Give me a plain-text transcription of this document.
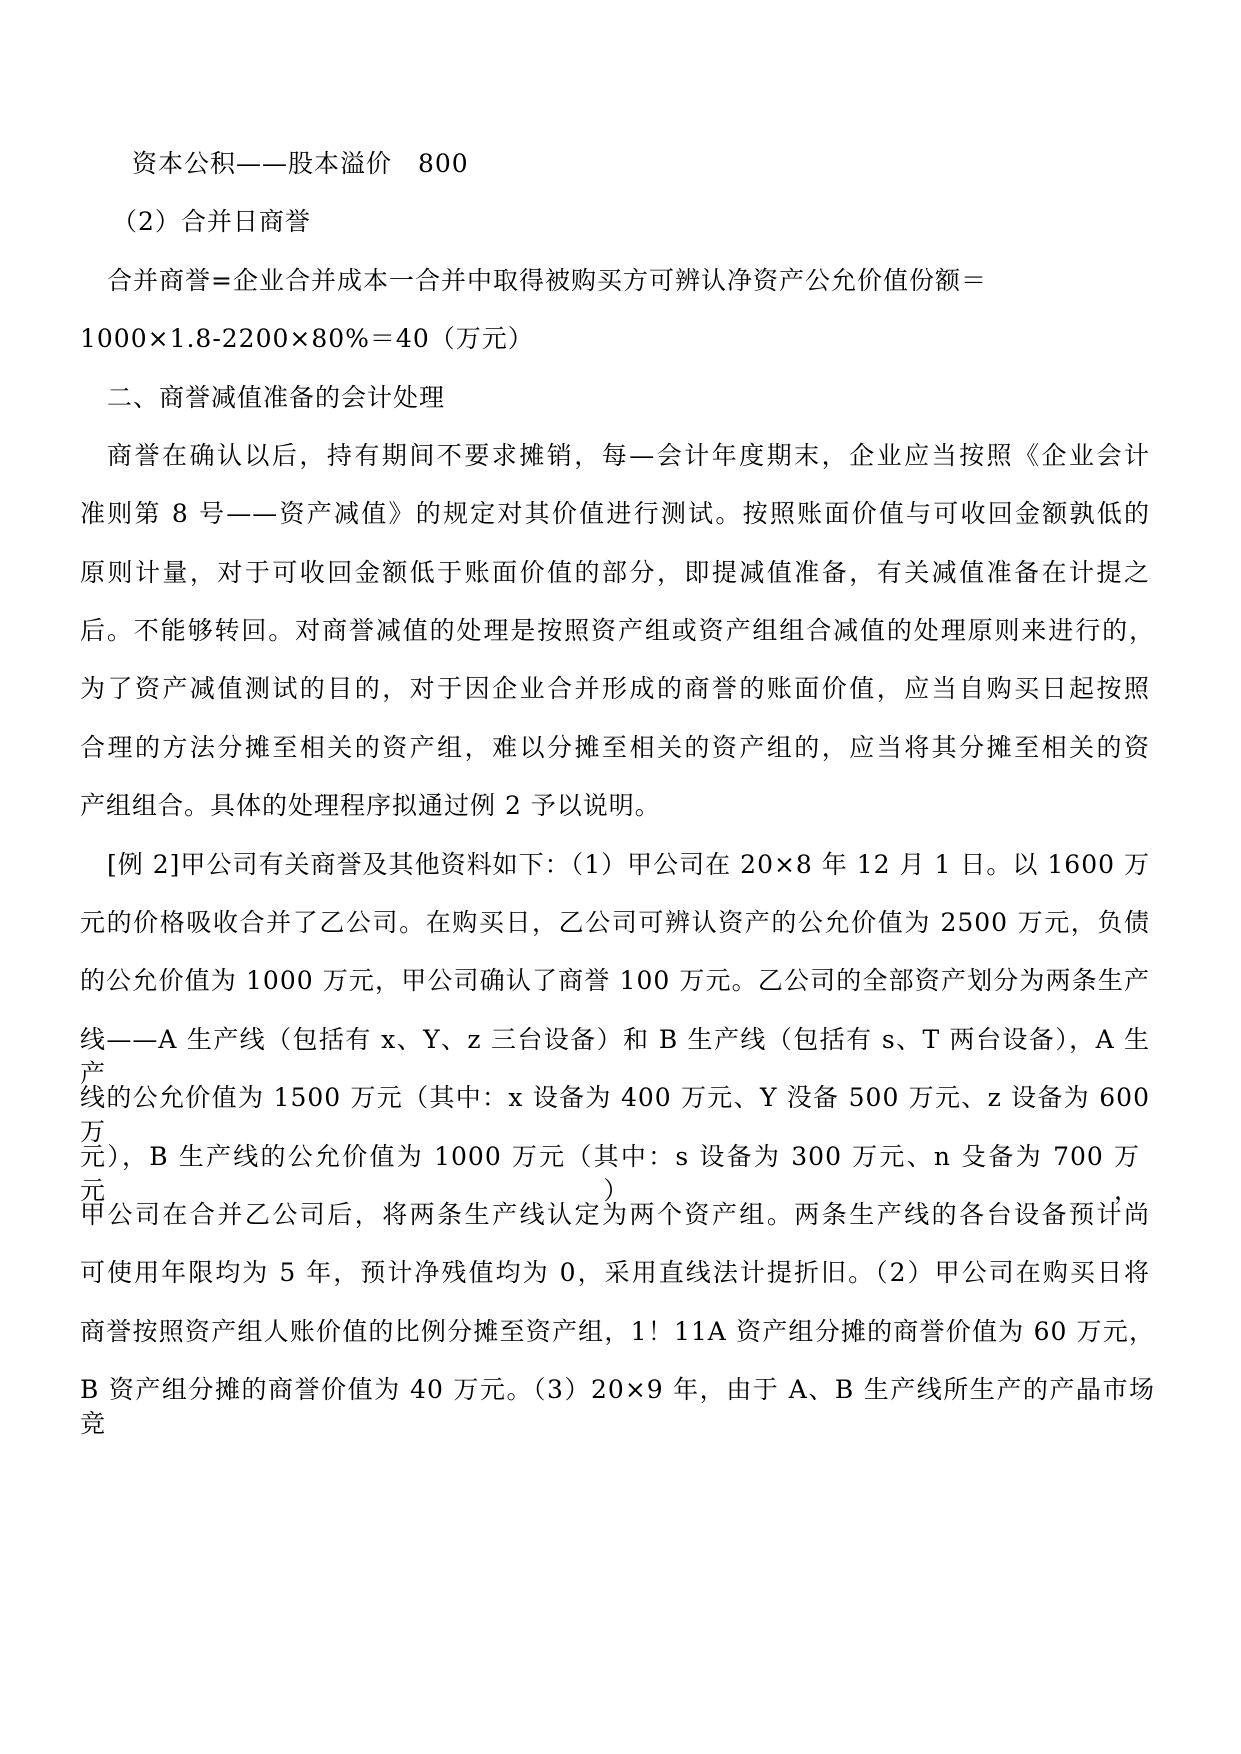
资本公积——股本溢价　800
（2）合并日商誉
合并商誉=企业合并成本一合并中取得被购买方可辨认净资产公允价值份额＝
1000×1.8-2200×80%＝40（万元）
二、商誉减值准备的会计处理
商誉在确认以后，持有期间不要求摊销，每—会计年度期末，企业应当按照《企业会计
准则第 8 号——资产减值》的规定对其价值进行测试。按照账面价值与可收回金额孰低的
原则计量，对于可收回金额低于账面价值的部分，即提减值准备，有关减值准备在计提之
后。不能够转回。对商誉减值的处理是按照资产组或资产组组合减值的处理原则来进行的，
为了资产减值测试的目的，对于因企业合并形成的商誉的账面价值，应当自购买日起按照
合理的方法分摊至相关的资产组，难以分摊至相关的资产组的，应当将其分摊至相关的资
产组组合。具体的处理程序拟通过例 2 予以说明。
[例 2]甲公司有关商誉及其他资料如下：（1）甲公司在 20×8 年 12 月 1 日。以 1600 万
元的价格吸收合并了乙公司。在购买日，乙公司可辨认资产的公允价值为 2500 万元，负债
的公允价值为 1000 万元，甲公司确认了商誉 100 万元。乙公司的全部资产划分为两条生产
线——A 生产线（包括有 x、Y、z 三台设备）和 B 生产线（包括有 s、T 两台设备），A 生产
线的公允价值为 1500 万元（其中：x 设备为 400 万元、Y 没备 500 万元、z 设备为 600 万
元），B 生产线的公允价值为 1000 万元（其中：s 设备为 300 万元、n 殳备为 700 万元），
甲公司在合并乙公司后，将两条生产线认定为两个资产组。两条生产线的各台设备预计尚
可使用年限均为 5 年，预计净残值均为 0，采用直线法计提折旧。（2）甲公司在购买日将
商誉按照资产组人账价值的比例分摊至资产组，1！11A 资产组分摊的商誉价值为 60 万元，
B 资产组分摊的商誉价值为 40 万元。（3）20×9 年，由于 A、B 生产线所生产的产晶市场竞
